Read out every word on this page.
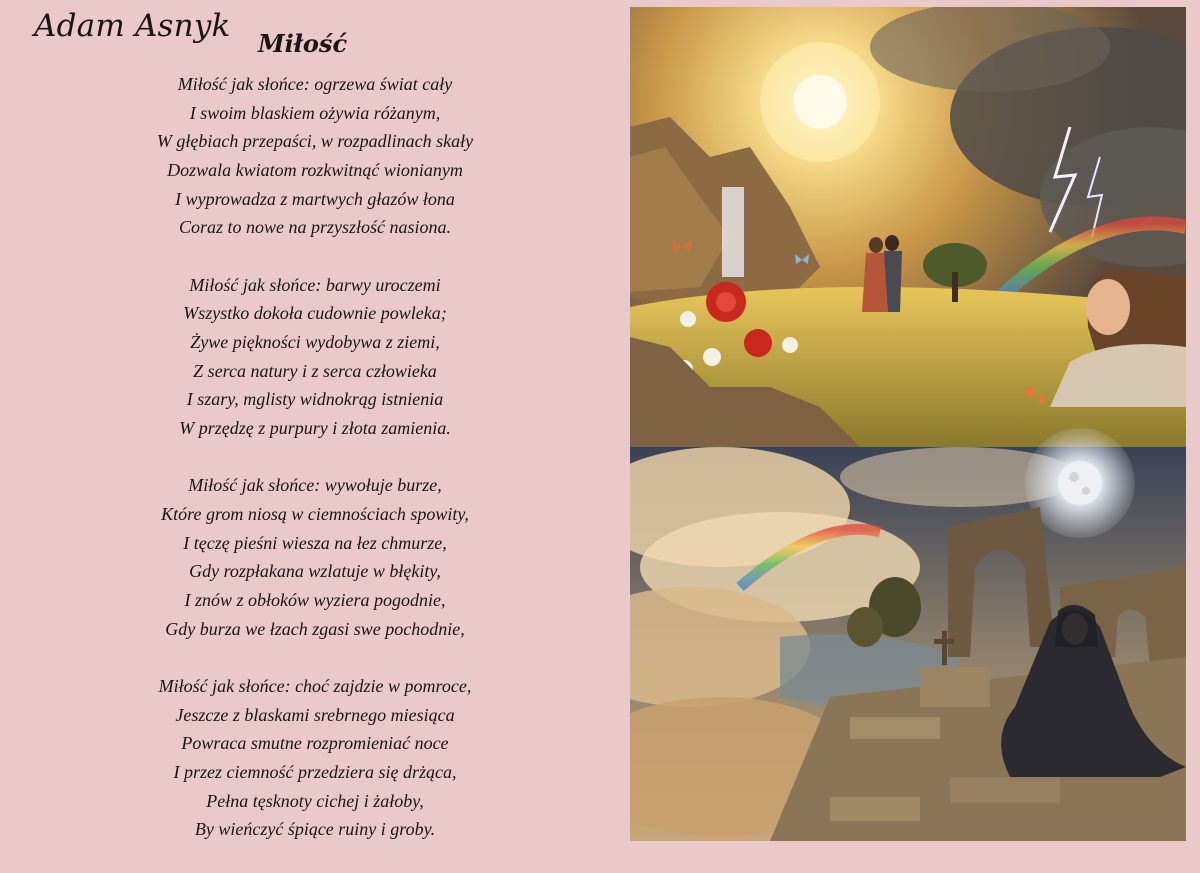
Adam Asnyk Miłość
Miłość jak słońce: ogrzewa świat cały
I swoim blaskiem ożywia różanym,
W głębiach przepaści, w rozpadlinach skały
Dozwala kwiatom rozkwitnąć wionianym
I wyprowadza z martwych głazów łona
Coraz to nowe na przyszłość nasiona.
Miłość jak słońce: barwy uroczemi
Wszystko dokoła cudownie powleka;
Żywe piękności wydobywa z ziemi,
Z serca natury i z serca człowieka
I szary, mglisty widnokrąg istnienia
W przędzę z purpury i złota zamienia.
Miłość jak słońce: wywołuje burze,
Które grom niosą w ciemnościach spowity,
I tęczę pieśni wiesza na łez chmurze,
Gdy rozpłakana wzlatuje w błękity,
I znów z obłoków wyziera pogodnie,
Gdy burza we łzach zgasi swe pochodnie,
Miłość jak słońce: choć zajdzie w pomroce,
Jeszcze z blaskami srebrnego miesiąca
Powraca smutne rozpromieniać noce
I przez ciemność przedziera się drżąca,
Pełna tęsknoty cichej i żałoby,
By wieńczyć śpiące ruiny i groby.
